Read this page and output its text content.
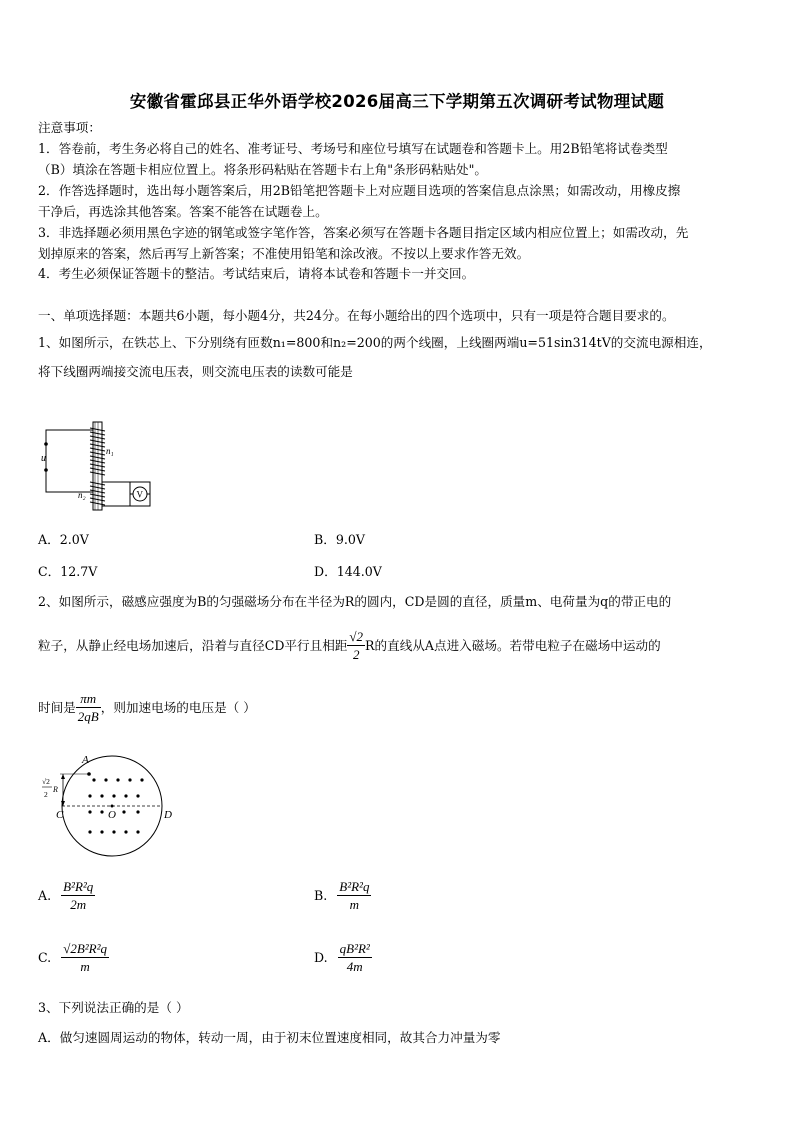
安徽省霍邱县正华外语学校2026届高三下学期第五次调研考试物理试题
注意事项：
1．答卷前，考生务必将自己的姓名、准考证号、考场号和座位号填写在试题卷和答题卡上。用2B铅笔将试卷类型
（B）填涂在答题卡相应位置上。将条形码粘贴在答题卡右上角"条形码粘贴处"。
2．作答选择题时，选出每小题答案后，用2B铅笔把答题卡上对应题目选项的答案信息点涂黑；如需改动，用橡皮擦
干净后，再选涂其他答案。答案不能答在试题卷上。
3．非选择题必须用黑色字迹的钢笔或签字笔作答，答案必须写在答题卡各题目指定区域内相应位置上；如需改动，先
划掉原来的答案，然后再写上新答案；不准使用铅笔和涂改液。不按以上要求作答无效。
4．考生必须保证答题卡的整洁。考试结束后，请将本试卷和答题卡一并交回。
一、单项选择题：本题共6小题，每小题4分，共24分。在每小题给出的四个选项中，只有一项是符合题目要求的。
1、如图所示，在铁芯上、下分别绕有匝数n₁=800和n₂=200的两个线圈，上线圈两端u=51sin314tV的交流电源相连，
将下线圈两端接交流电压表，则交流电压表的读数可能是
u
n₁
n₂	V
A．2.0V	B．9.0V
C．12.7V	D．144.0V
2、如图所示，磁感应强度为B的匀强磁场分布在半径为R的圆内，CD是圆的直径，质量m、电荷量为q的带正电的
粒子，从静止经电场加速后，沿着与直径CD平行且相距 $\frac{√2}{2}$ R的直线从A点进入磁场。若带电粒子在磁场中运动的
时间是 $\frac{\pi m}{2qB}$ ，则加速电场的电压是（ ）
A
C	D
O
√2
2
R
A. $\frac{\text{B²R²q}}{2m}$	B. $\frac{\text{B²R²q}}{m}$
C. $\frac{\text{√2B²R²q}}{m}$	D. $\frac{\text{qB²R²}}{4m}$
3、下列说法正确的是（ ）
A．做匀速圆周运动的物体，转动一周，由于初末位置速度相同，故其合力冲量为零
